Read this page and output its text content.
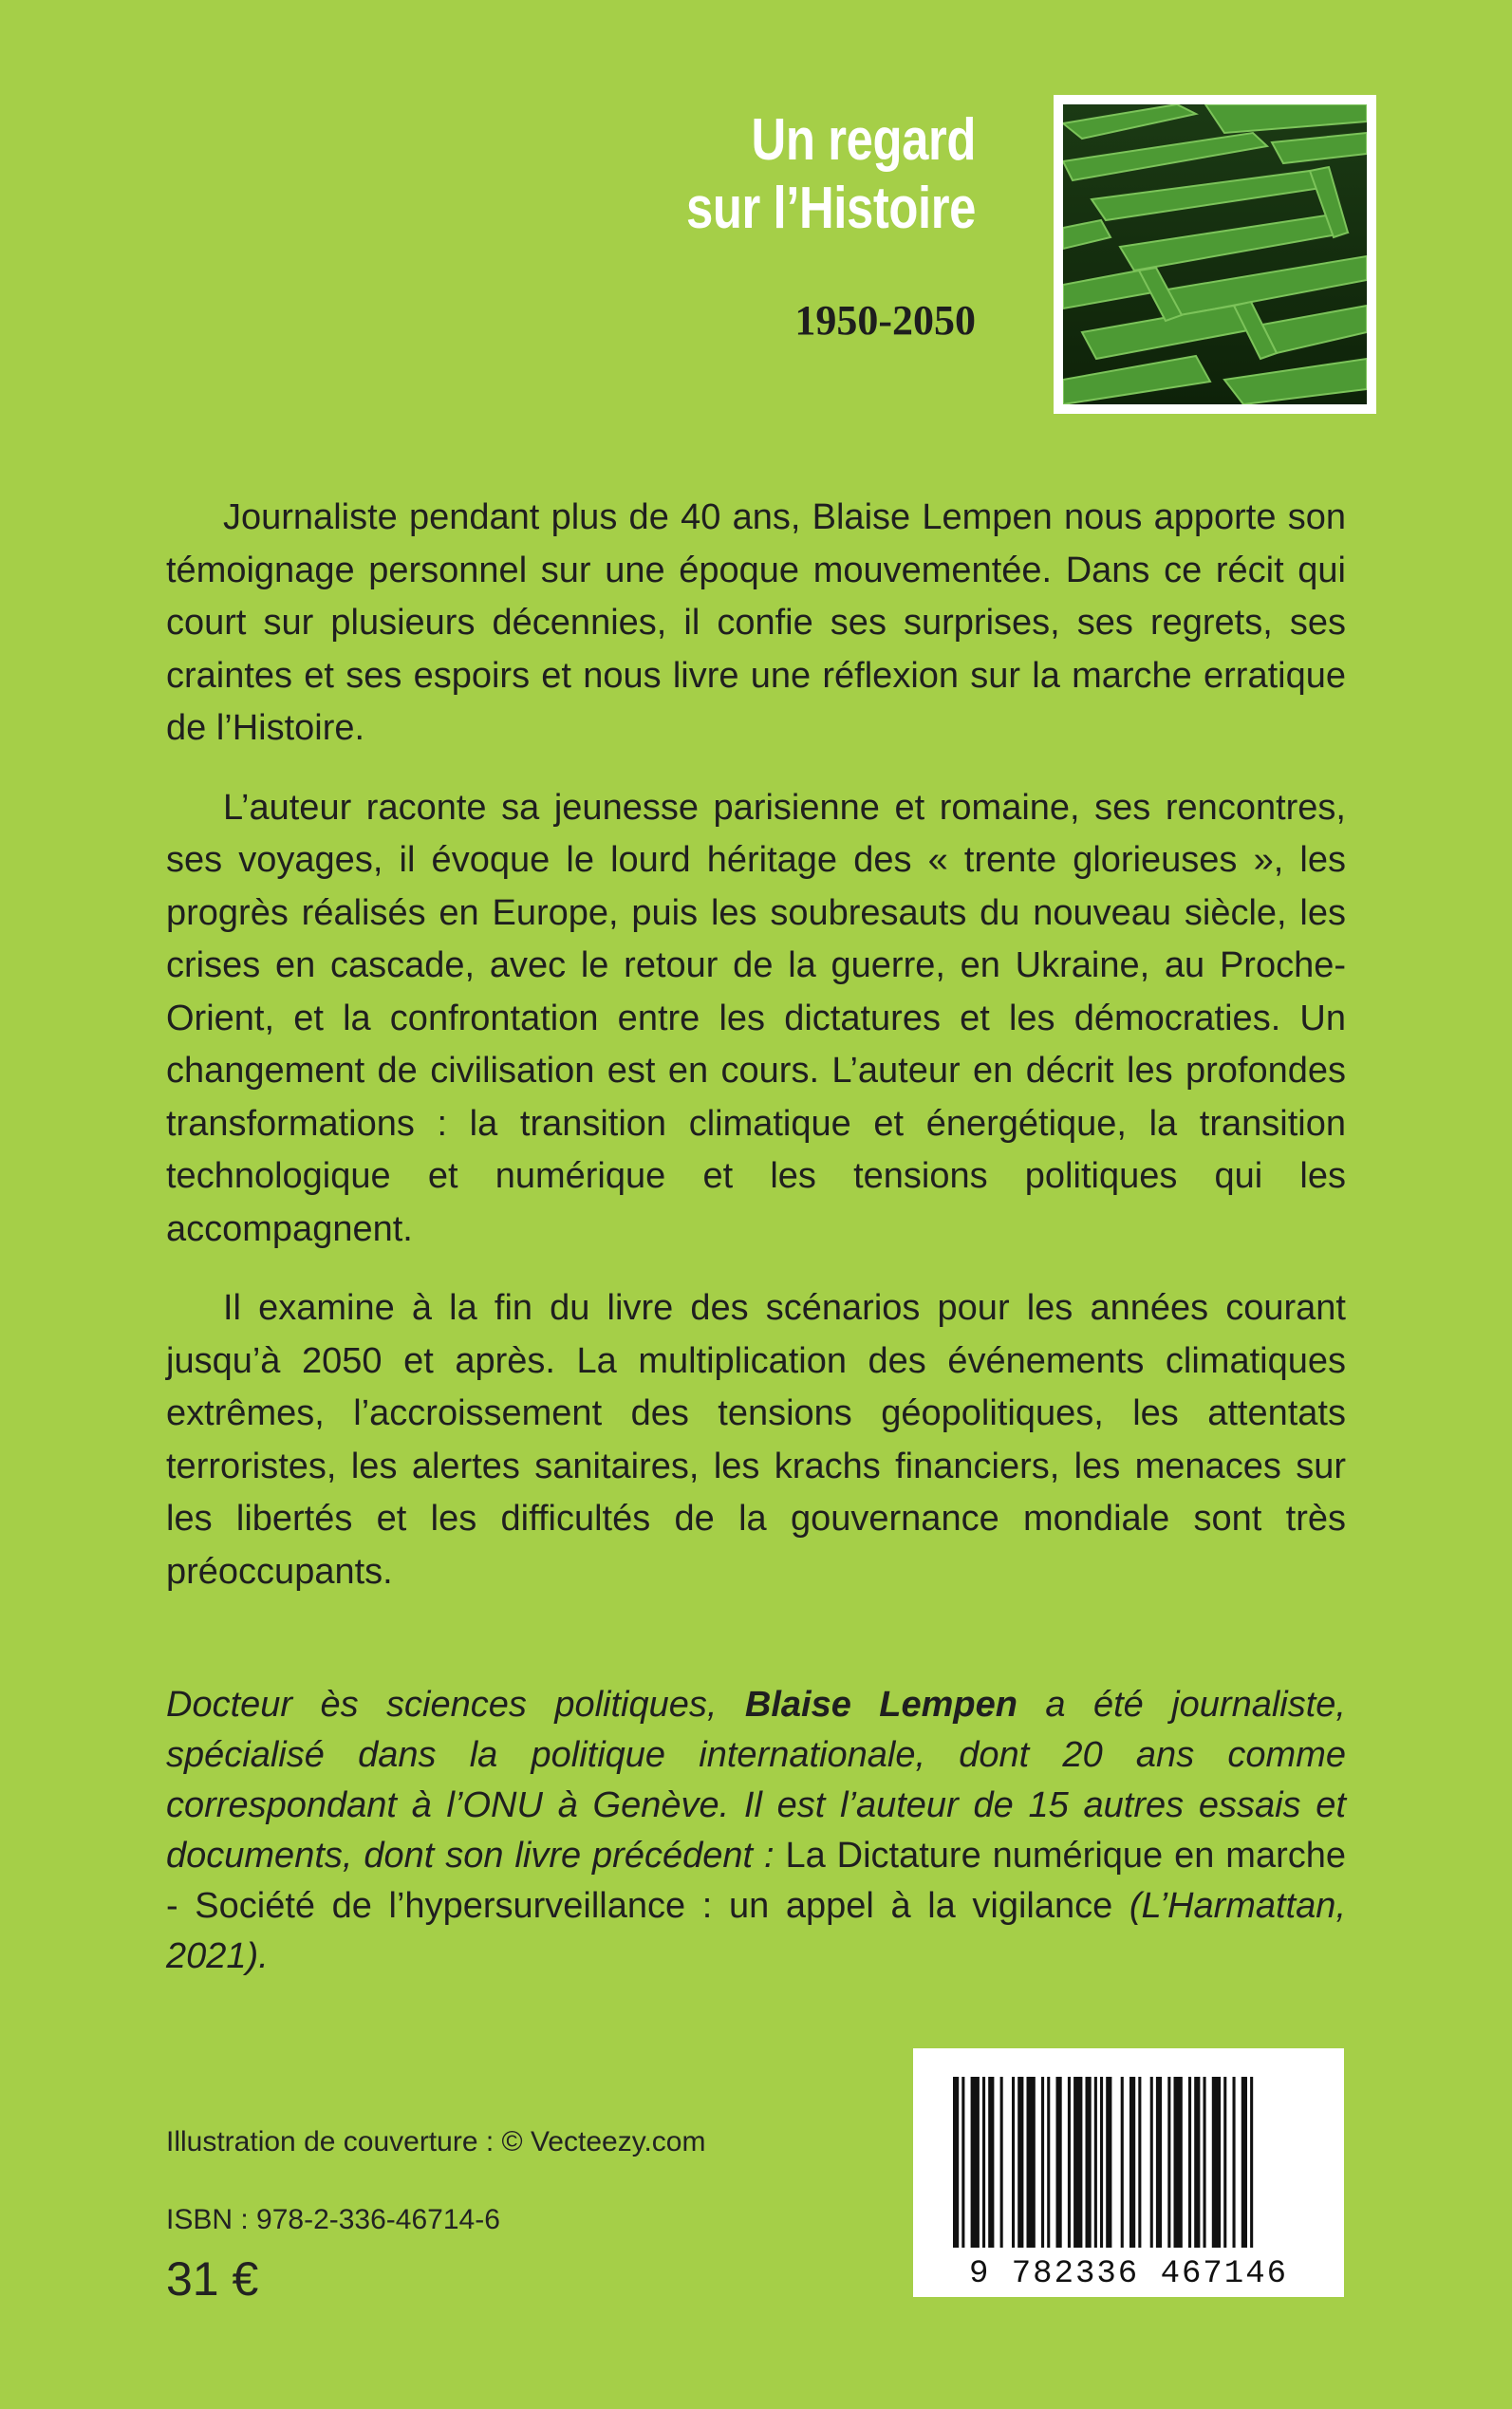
Un regard
sur l’Histoire
1950-2050

Journaliste pendant plus de 40 ans, Blaise Lempen nous apporte son témoignage personnel sur une époque mouvementée. Dans ce récit qui court sur plusieurs décennies, il confie ses surprises, ses regrets, ses craintes et ses espoirs et nous livre une réflexion sur la marche erratique de l’Histoire.

L’auteur raconte sa jeunesse parisienne et romaine, ses rencontres, ses voyages, il évoque le lourd héritage des « trente glorieuses », les progrès réalisés en Europe, puis les soubresauts du nouveau siècle, les crises en cascade, avec le retour de la guerre, en Ukraine, au Proche-Orient, et la confrontation entre les dictatures et les démocraties. Un changement de civilisation est en cours. L’auteur en décrit les profondes transformations : la transition climatique et énergétique, la transition technologique et numérique et les tensions politiques qui les accompagnent.

Il examine à la fin du livre des scénarios pour les années courant jusqu’à 2050 et après. La multiplication des événements climatiques extrêmes, l’accroissement des tensions géopolitiques, les attentats terroristes, les alertes sanitaires, les krachs financiers, les menaces sur les libertés et les difficultés de la gouvernance mondiale sont très préoccupants.

Docteur ès sciences politiques, Blaise Lempen a été journaliste, spécialisé dans la politique internationale, dont 20 ans comme correspondant à l’ONU à Genève. Il est l’auteur de 15 autres essais et documents, dont son livre précédent : La Dictature numérique en marche - Société de l’hypersurveillance : un appel à la vigilance (L’Harmattan, 2021).
Illustration de couverture : © Vecteezy.com
ISBN : 978-2-336-46714-6
31 €	9 782336 467146
